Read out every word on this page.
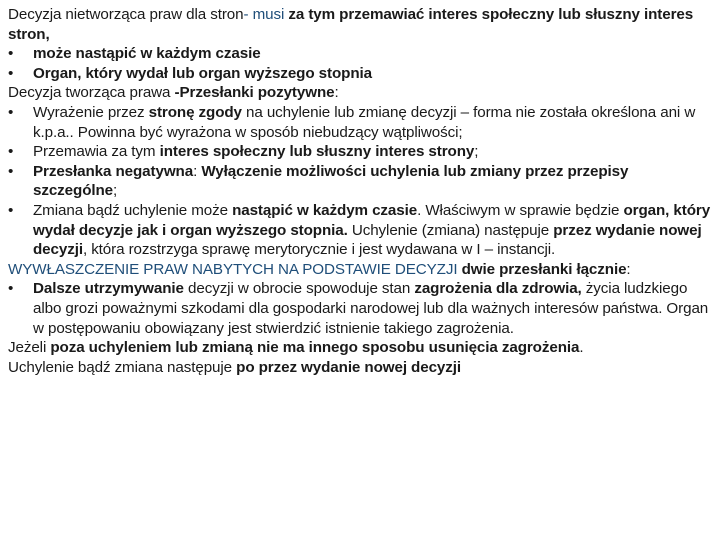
Decyzja nietworząca praw dla stron- musi za tym przemawiać interes społeczny lub słuszny interes stron,

• może nastąpić w każdym czasie
• Organ, który wydał lub organ wyższego stopnia

Decyzja tworząca prawa -Przesłanki pozytywne:

• Wyrażenie przez stronę zgody na uchylenie lub zmianę decyzji – forma nie została określona ani w k.p.a.. Powinna być wyrażona w sposób niebudzący wątpliwości;
• Przemawia za tym interes społeczny lub słuszny interes strony;
• Przesłanka negatywna: Wyłączenie możliwości uchylenia lub zmiany przez przepisy szczególne;
• Zmiana bądź uchylenie może nastąpić w każdym czasie. Właściwym w sprawie będzie organ, który wydał decyzje jak i organ wyższego stopnia. Uchylenie (zmiana) następuje przez wydanie nowej decyzji, która rozstrzyga sprawę merytorycznie i jest wydawana w I – instancji.

WYWŁASZCZENIE PRAW NABYTYCH NA PODSTAWIE DECYZJI dwie przesłanki łącznie:

• Dalsze utrzymywanie decyzji w obrocie spowoduje stan zagrożenia dla zdrowia, życia ludzkiego albo grozi poważnymi szkodami dla gospodarki narodowej lub dla ważnych interesów państwa. Organ w postępowaniu obowiązany jest stwierdzić istnienie takiego zagrożenia.

Jeżeli poza uchyleniem lub zmianą nie ma innego sposobu usunięcia zagrożenia.

Uchylenie bądź zmiana następuje po przez wydanie nowej decyzji
